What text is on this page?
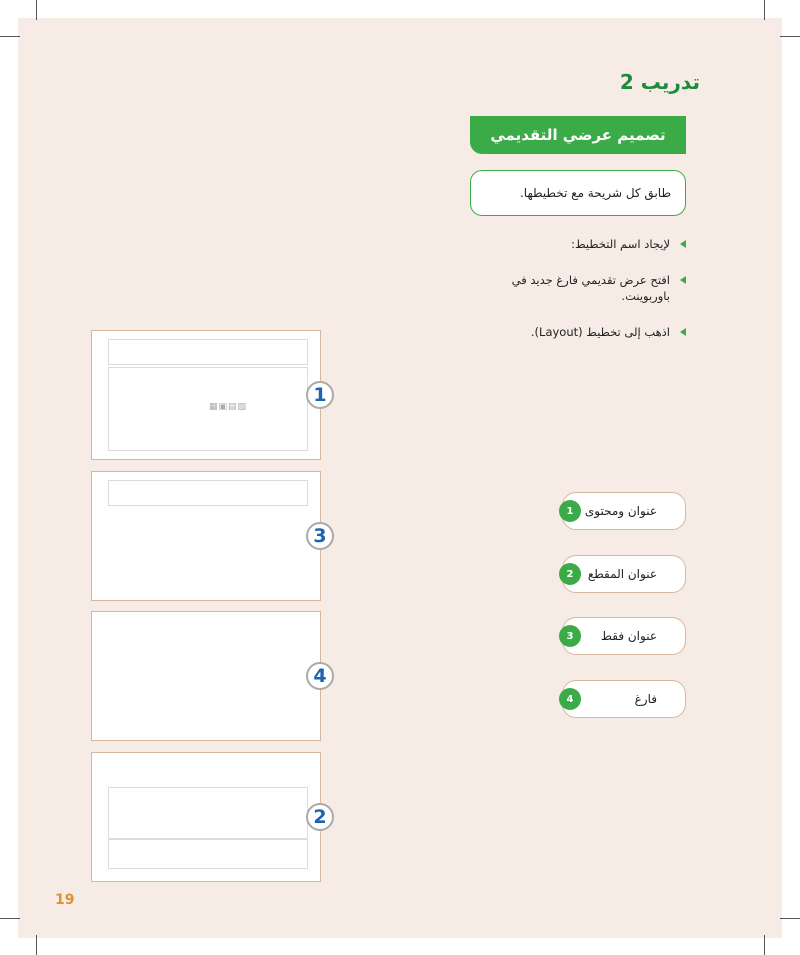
تدريب 2
تصميم عرضي التقديمي
طابق كل شريحة مع تخطيطها.
لإيجاد اسم التخطيط:
افتح عرض تقديمي فارغ جديد في باوربوينت.
اذهب إلى تخطيط (Layout).
▦▣▤▧
1
3
4
2
عنوان ومحتوى
1
عنوان المقطع
2
عنوان فقط
3
فارغ
4
19
